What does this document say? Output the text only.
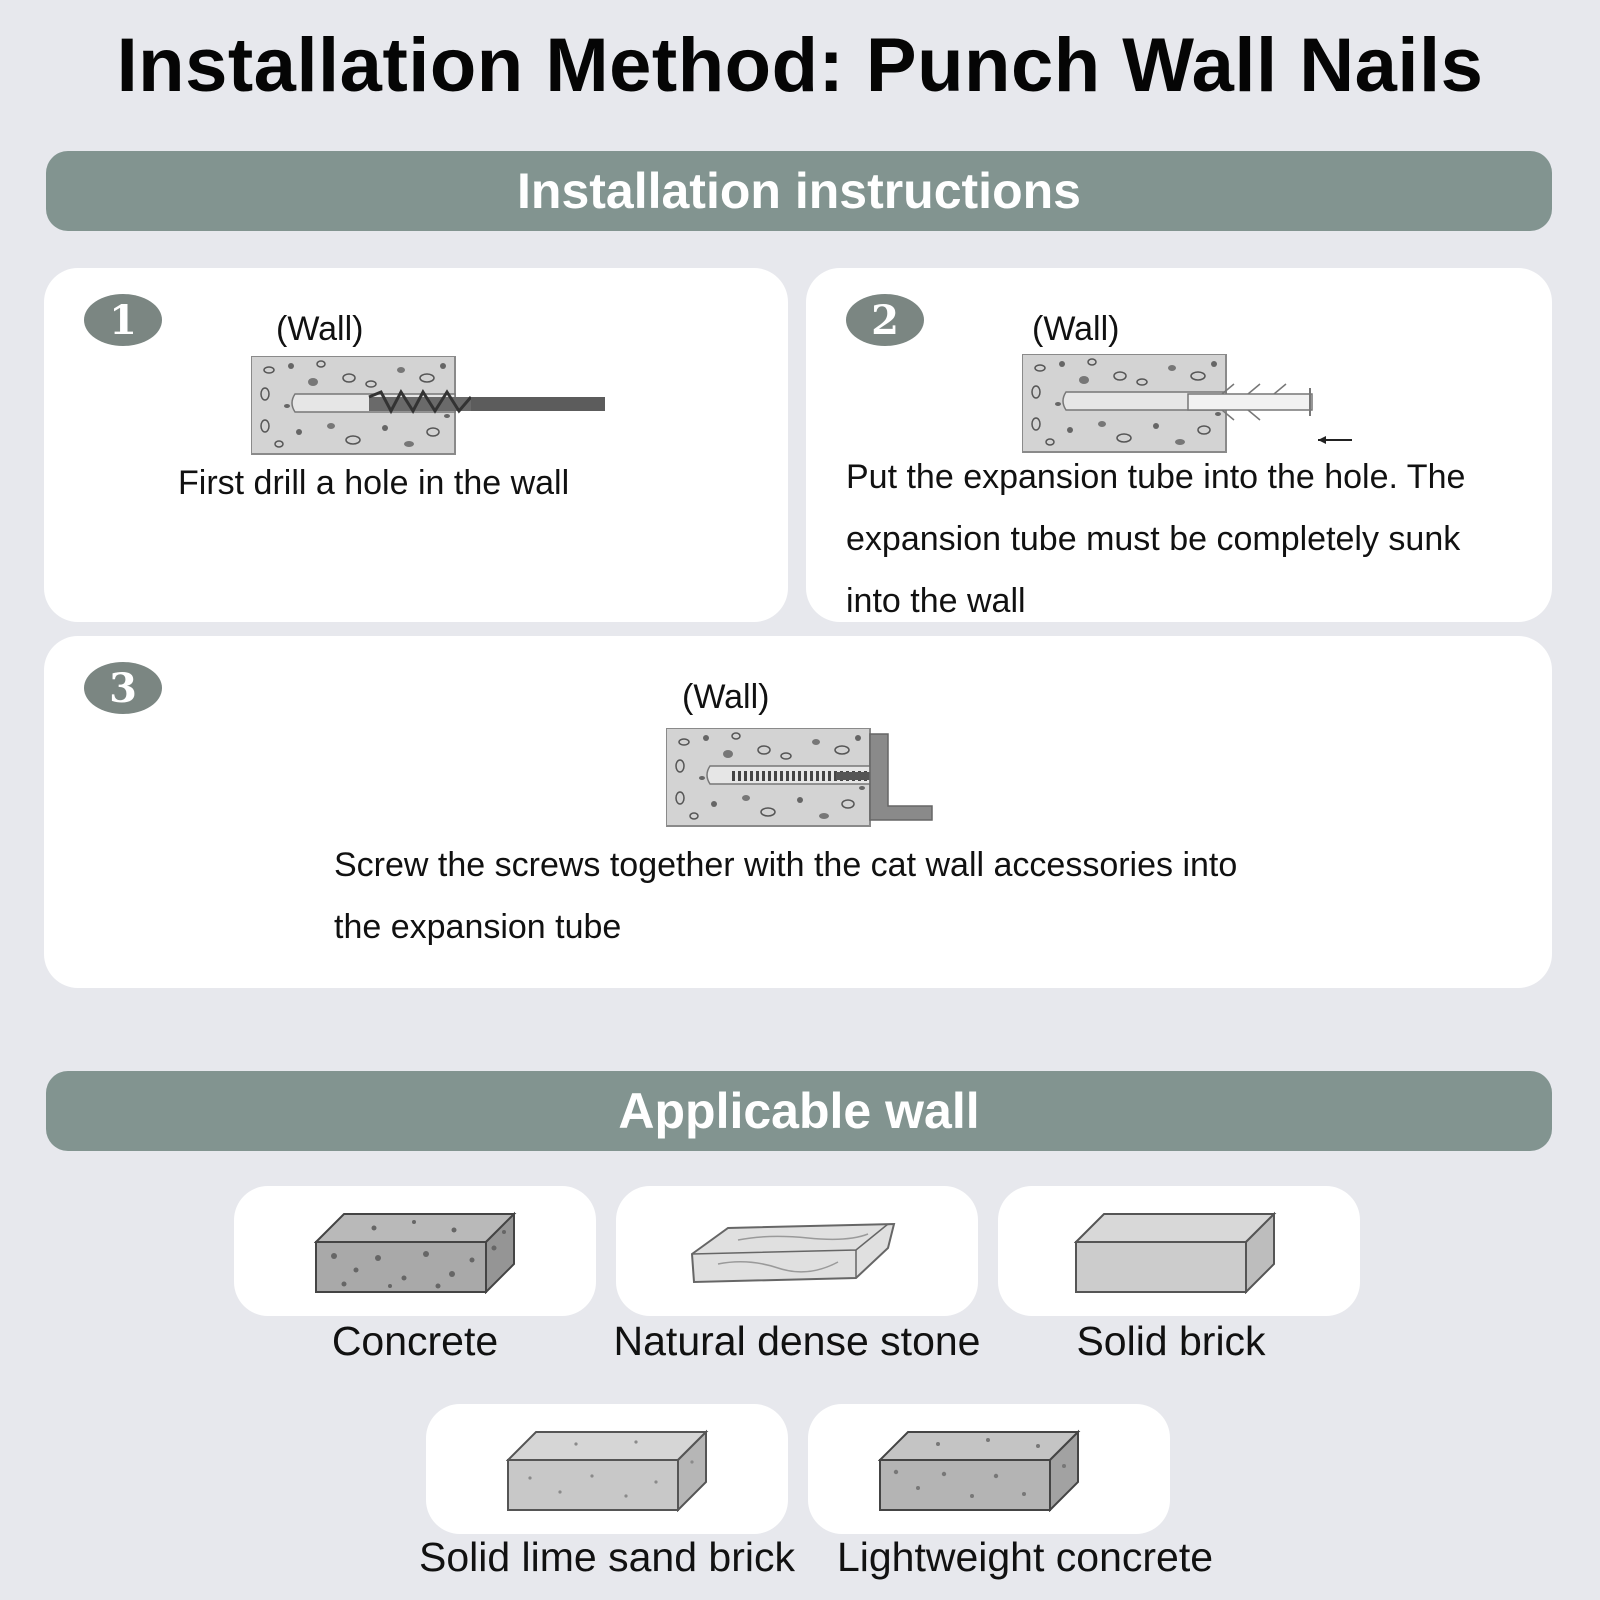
Installation Method: Punch Wall Nails
Installation instructions
1	(Wall)
First drill a hole in the wall
2	(Wall)
Put the expansion tube into the hole. The
expansion tube must be completely sunk
into the wall
3	(Wall)
Screw the screws together with the cat wall accessories into
the expansion tube
Applicable wall
Concrete	Natural dense stone	Solid brick
Solid lime sand brick	Lightweight concrete
